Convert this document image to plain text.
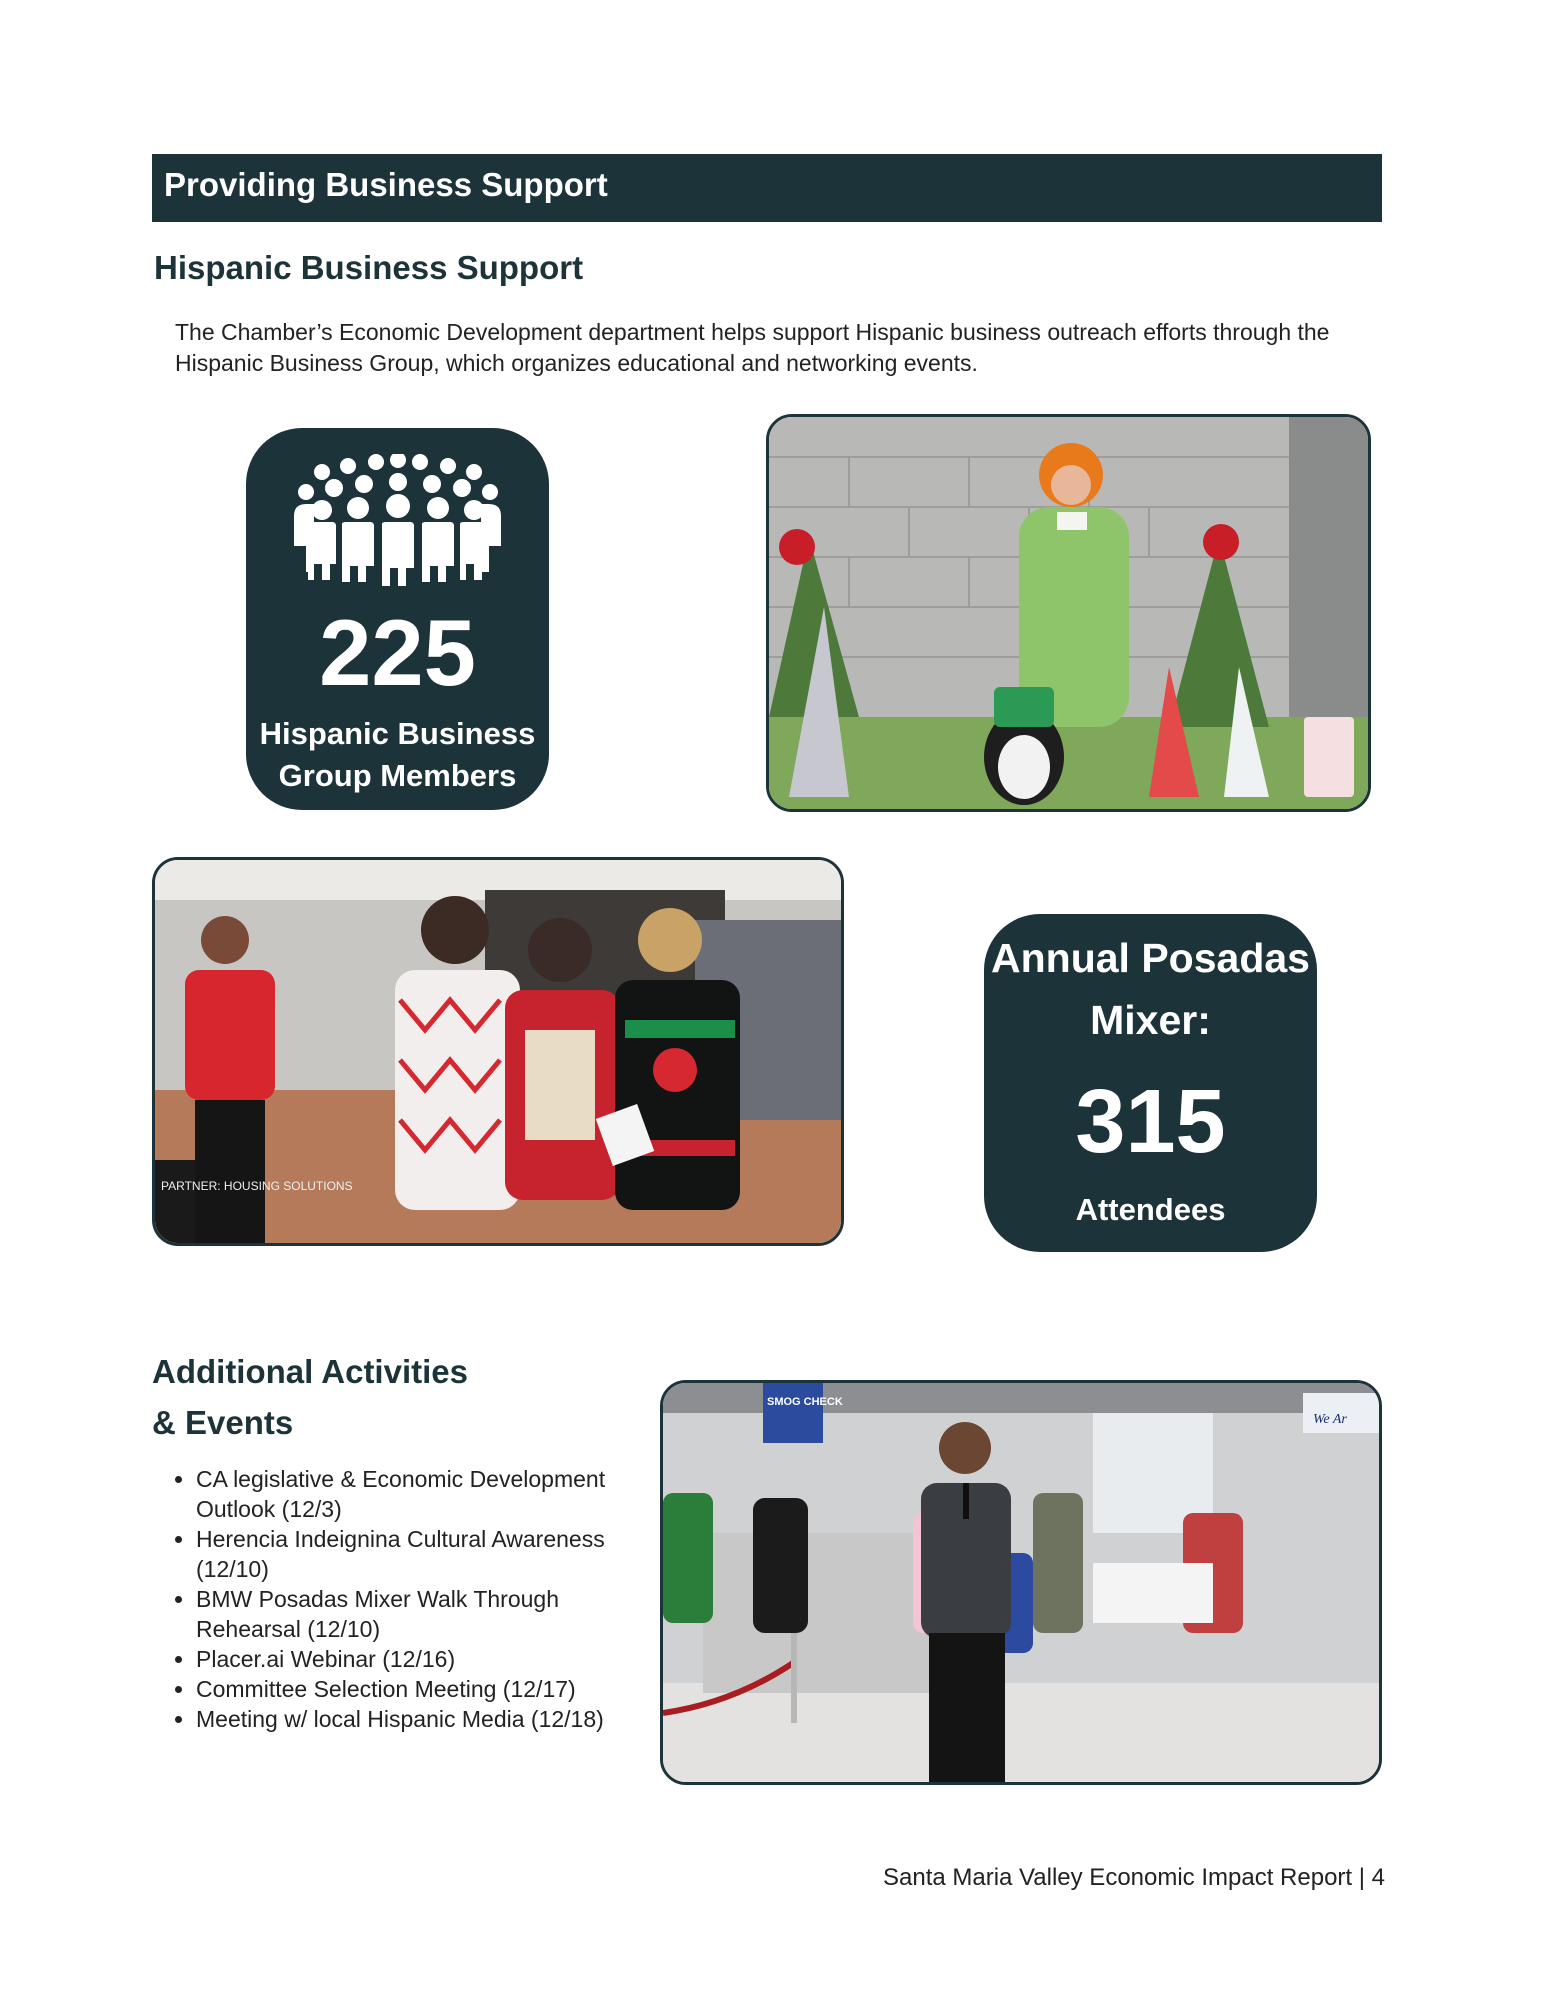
Providing Business Support
Hispanic Business Support
The Chamber’s Economic Development department helps support Hispanic business outreach efforts through the Hispanic Business Group, which organizes educational and networking events.
225
Hispanic Business
Group Members
PARTNER: HOUSING SOLUTIONS
Annual Posadas
Mixer:
315
Attendees
Additional Activities
& Events
• CA legislative & Economic Development Outlook (12/3)
• Herencia Indeignina Cultural Awareness (12/10)
• BMW Posadas Mixer Walk Through Rehearsal (12/10)
• Placer.ai Webinar (12/16)
• Committee Selection Meeting (12/17)
• Meeting w/ local Hispanic Media (12/18)
SMOG CHECK
We Ar
Santa Maria Valley Economic Impact Report | 4
